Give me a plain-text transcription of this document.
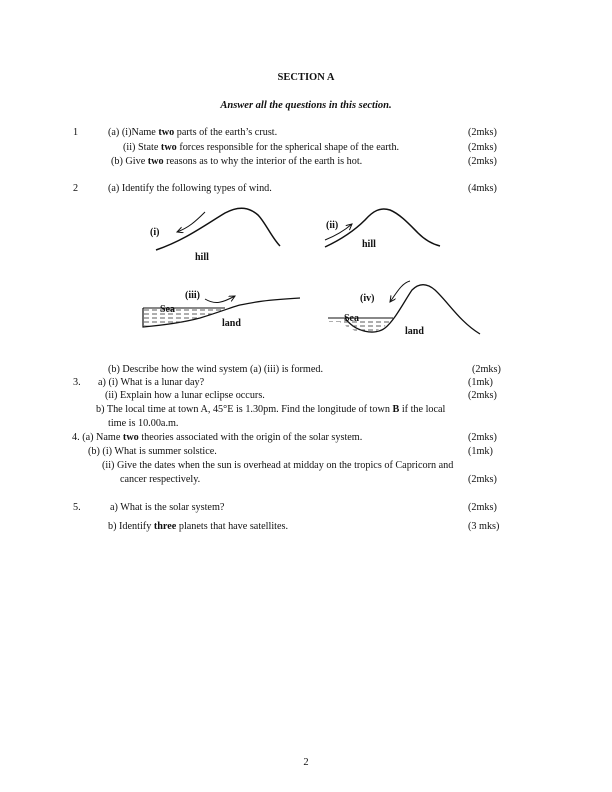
SECTION A
Answer all the questions in this section.
1	(a) (i)Name two parts of the earth’s crust.	(2mks)
(ii) State two forces responsible for the spherical shape of the earth.	(2mks)
(b) Give two reasons as to why the interior of the earth is hot.	(2mks)
2	(a) Identify the following types of wind.	(4mks)
(i)
hill
(ii)
hill
(iii)
Sea
land
(iv)
Sea
land
(b) Describe how the wind system (a) (iii) is formed.	(2mks)
3. a) (i) What is a lunar day?	(1mk)
(ii) Explain how a lunar eclipse occurs.	(2mks)
b) The local time at town A, 45°E is 1.30pm. Find the longitude of town B if the local
time is 10.00a.m.
4. (a) Name two theories associated with the origin of the solar system.	(2mks)
(b) (i) What is summer solstice.	(1mk)
(ii) Give the dates when the sun is overhead at midday on the tropics of Capricorn and
cancer respectively.	(2mks)
5.	a) What is the solar system?	(2mks)
b) Identify three planets that have satellites.	(3 mks)
2
